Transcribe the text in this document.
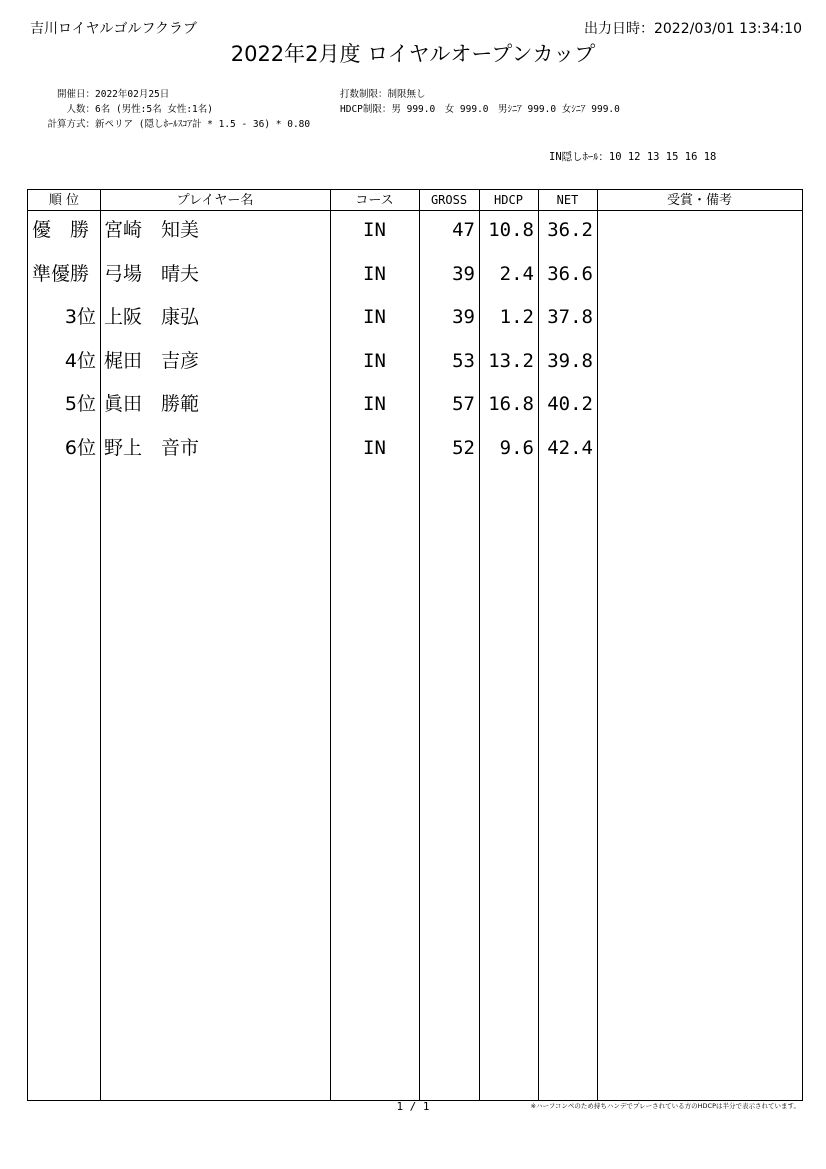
吉川ロイヤルゴルフクラブ	出力日時：2022/03/01 13:34:10
2022年2月度 ロイヤルオープンカップ
開催日：2022年02月25日
人数：6名 (男性:5名 女性:1名)
計算方式：新ペリア (隠しﾎｰﾙｽｺｱ計 * 1.5 - 36) * 0.80
打数制限：制限無し
HDCP制限：男 999.0　女 999.0　男ｼﾆｱ 999.0 女ｼﾆｱ 999.0
IN隠しﾎｰﾙ：10 12 13 15 16 18
順 位	プレイヤー名	コース	GROSS	HDCP	NET	受賞・備考
優　勝 宮崎　知美	IN	47 10.8 36.2
準優勝 弓場　晴夫	IN	39	2.4 36.6
3位 上阪　康弘	IN	39	1.2 37.8
4位 梶田　吉彦	IN	53 13.2 39.8
5位 眞田　勝範	IN	57 16.8 40.2
6位 野上　音市	IN	52	9.6 42.4
1 / 1	※ハーフコンペのため持ちハンデでプレーされている方のHDCPは半分で表示されています。
